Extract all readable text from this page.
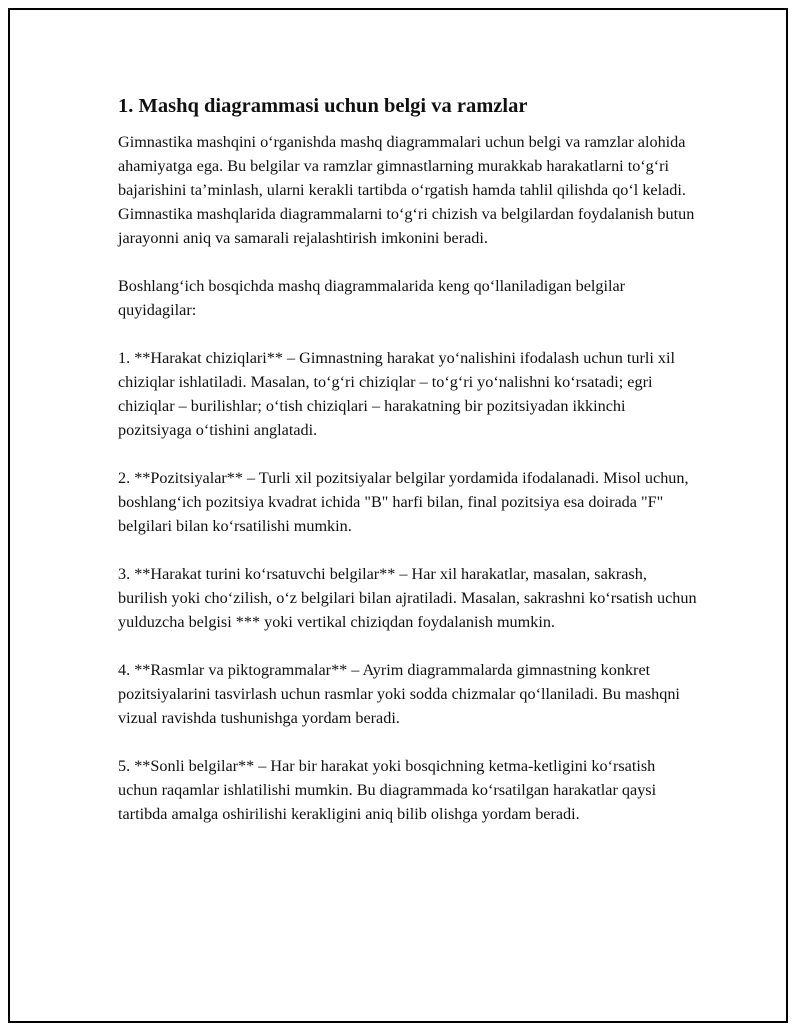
1. Mashq diagrammasi uchun belgi va ramzlar

Gimnastika mashqini o‘rganishda mashq diagrammalari uchun belgi va ramzlar alohida ahamiyatga ega. Bu belgilar va ramzlar gimnastlarning murakkab harakatlarni to‘g‘ri bajarishini ta’minlash, ularni kerakli tartibda o‘rgatish hamda tahlil qilishda qo‘l keladi. Gimnastika mashqlarida diagrammalarni to‘g‘ri chizish va belgilardan foydalanish butun jarayonni aniq va samarali rejalashtirish imkonini beradi.

Boshlang‘ich bosqichda mashq diagrammalarida keng qo‘llaniladigan belgilar quyidagilar:

1. **Harakat chiziqlari** – Gimnastning harakat yo‘nalishini ifodalash uchun turli xil chiziqlar ishlatiladi. Masalan, to‘g‘ri chiziqlar – to‘g‘ri yo‘nalishni ko‘rsatadi; egri chiziqlar – burilishlar; o‘tish chiziqlari – harakatning bir pozitsiyadan ikkinchi pozitsiyaga o‘tishini anglatadi.

2. **Pozitsiyalar** – Turli xil pozitsiyalar belgilar yordamida ifodalanadi. Misol uchun, boshlang‘ich pozitsiya kvadrat ichida "B" harfi bilan, final pozitsiya esa doirada "F" belgilari bilan ko‘rsatilishi mumkin.

3. **Harakat turini ko‘rsatuvchi belgilar** – Har xil harakatlar, masalan, sakrash, burilish yoki cho‘zilish, o‘z belgilari bilan ajratiladi. Masalan, sakrashni ko‘rsatish uchun yulduzcha belgisi *** yoki vertikal chiziqdan foydalanish mumkin.

4. **Rasmlar va piktogrammalar** – Ayrim diagrammalarda gimnastning konkret pozitsiyalarini tasvirlash uchun rasmlar yoki sodda chizmalar qo‘llaniladi. Bu mashqni vizual ravishda tushunishga yordam beradi.

5. **Sonli belgilar** – Har bir harakat yoki bosqichning ketma-ketligini ko‘rsatish uchun raqamlar ishlatilishi mumkin. Bu diagrammada ko‘rsatilgan harakatlar qaysi tartibda amalga oshirilishi kerakligini aniq bilib olishga yordam beradi.
